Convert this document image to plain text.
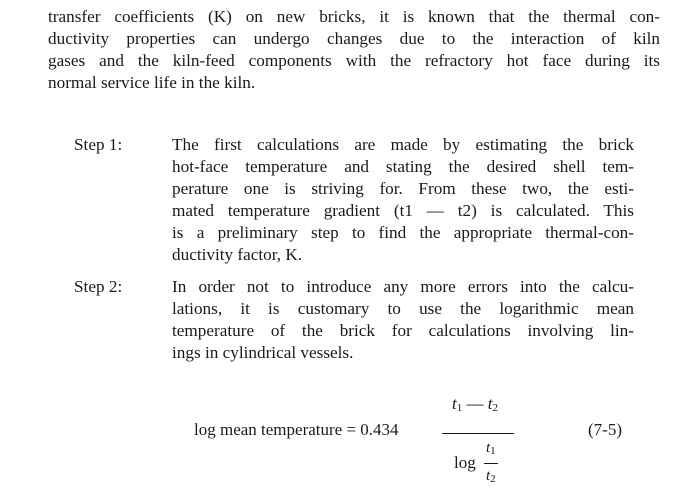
transfer coefficients (K) on new bricks, it is known that the thermal con-
ductivity properties can undergo changes due to the interaction of kiln
gases and the kiln-feed components with the refractory hot face during its
normal service life in the kiln.

Step 1:	The first calculations are made by estimating the brick
hot-face temperature and stating the desired shell tem-
perature one is striving for. From these two, the esti-
mated temperature gradient (t1 — t2) is calculated. This
is a preliminary step to find the appropriate thermal-con-
ductivity factor, K.
Step 2:	In order not to introduce any more errors into the calcu-
lations, it is customary to use the logarithmic mean
temperature of the brick for calculations involving lin-
ings in cylindrical vessels.
log mean temperature = 0.434
$t_1$ — $t_2$
log
$t_1$
$t_2$
(7-5)
